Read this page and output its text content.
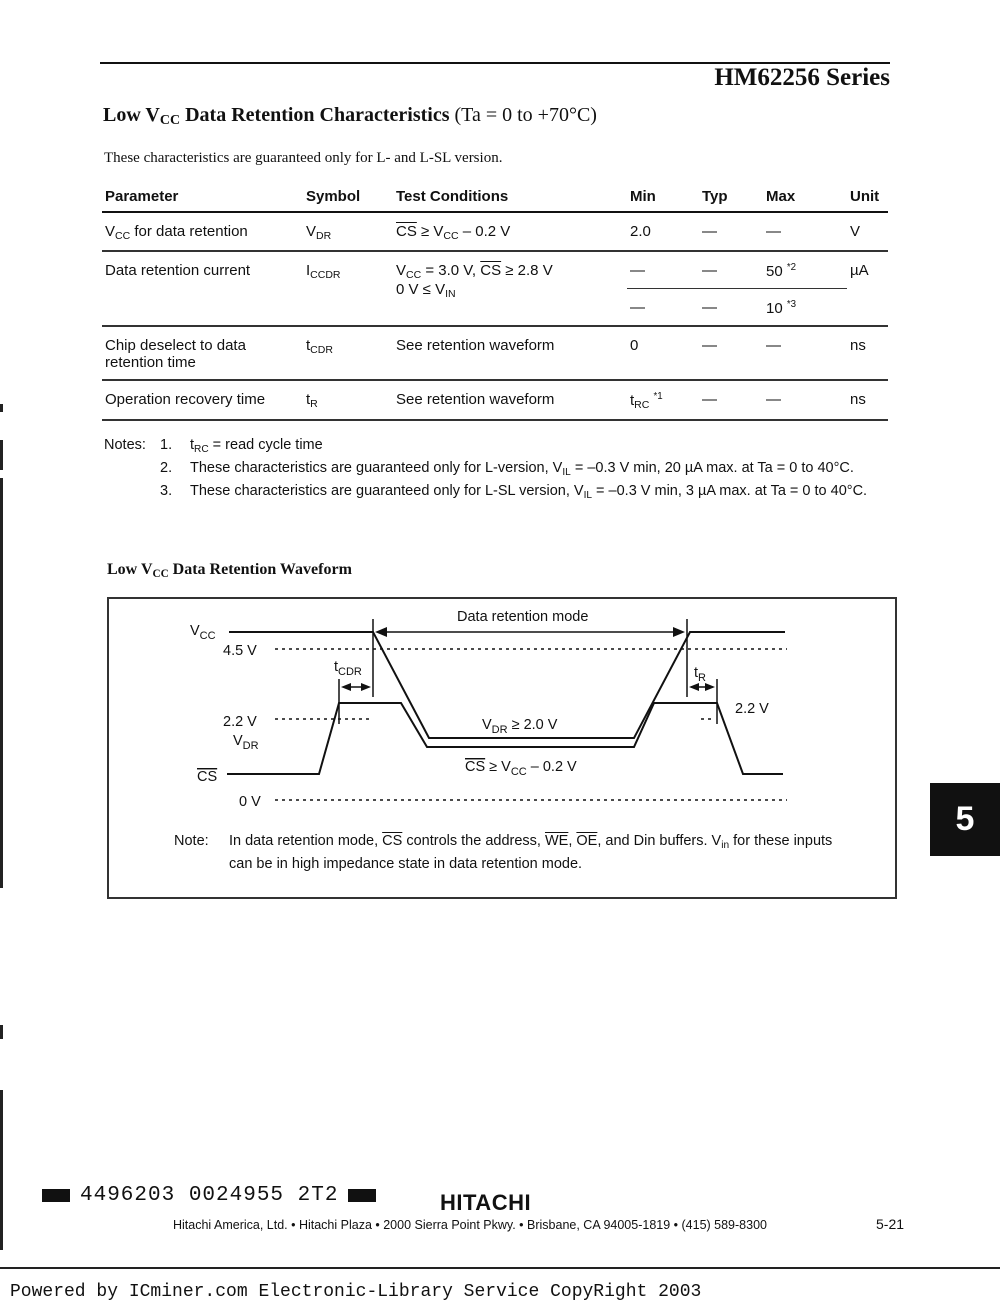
HM62256 Series
Low $V_{CC}$ Data Retention Characteristics (Ta = 0 to +70°C)
These characteristics are guaranteed only for L- and L-SL version.
Parameter	Symbol	Test Conditions	Min	Typ	Max	Unit
$V_{CC}$ for data retention	$V_{DR}$	$\overline{CS} \ge V_{CC} - 0.2$ V	2.0	—	—	V
Data retention current	$I_{CCDR}$	$V_{CC} = 3.0$ V, $\overline{CS} \ge 2.8$ V
0 $V \le V_{IN}$	—	—	50 $^{*2}$	µA
			—	—	10 $^{*3}$
Chip deselect to data retention time	$t_{CDR}$	See retention waveform	0	—	—	ns
Operation recovery time	$t_R$	See retention waveform	$t_{RC}$ $^{*1}$	—	—	ns
Notes: 1.	$t_{RC}$ = read cycle time
2.	These characteristics are guaranteed only for L-version, $V_{IL} = -0.3$ V min, 20 µA max. at Ta = 0 to 40°C.
3.	These characteristics are guaranteed only for L-SL version, $V_{IL} = -0.3$ V min, 3 µA max. at Ta = 0 to 40°C.
Low $V_{CC}$ Data Retention Waveform
Data retention mode
$V_{CC}$
4.5 V
$t_{CDR}$	$t_R$
2.2 V
2.2 V
$V_{DR}$
$V_{DR} \ge 2.0$ V
CS
CS ≥ $V_{CC} - 0.2$ V
0 V
Note:	In data retention mode, $\overline{CS}$ controls the address, $\overline{WE}$, $\overline{OE}$, and Din buffers. $V_{in}$ for these inputs can be in high impedance state in data retention mode.
5
4496203 0024955 2T2	HITACHI
Hitachi America, Ltd. • Hitachi Plaza • 2000 Sierra Point Pkwy. • Brisbane, CA 94005-1819 • (415) 589-8300	5-21
Powered by ICminer.com Electronic-Library Service CopyRight 2003
